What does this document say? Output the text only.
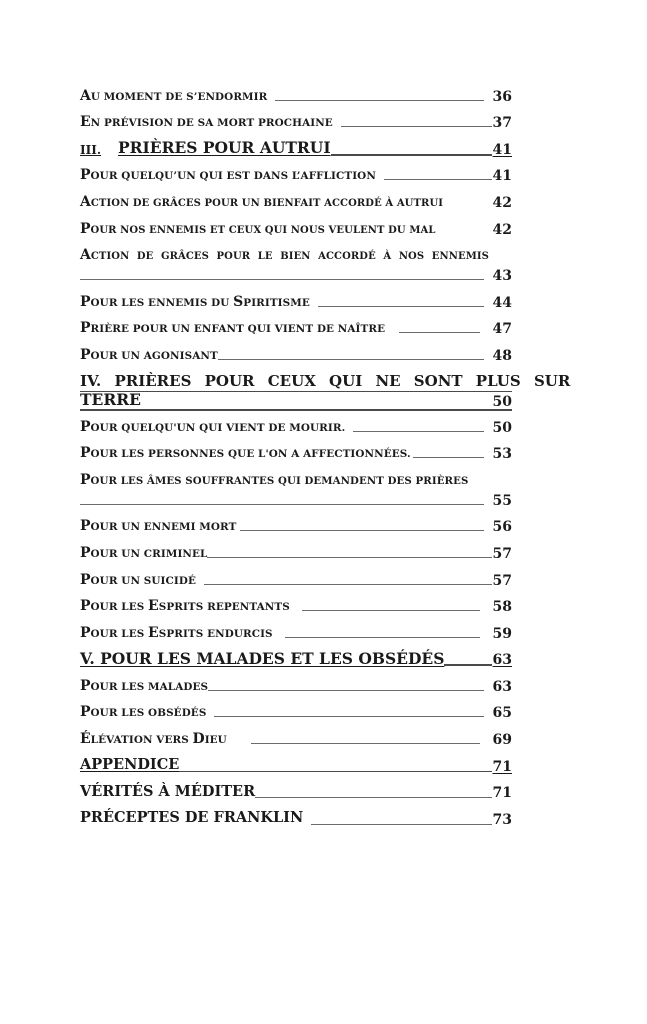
AU MOMENT DE S’ENDORMIR	36
EN PRÉVISION DE SA MORT PROCHAINE	37
III.	PRIÈRES POUR AUTRUI	41
POUR QUELQU’UN QUI EST DANS L’AFFLICTION	41
ACTION DE GRÂCES POUR UN BIENFAIT ACCORDÉ À AUTRUI	42
POUR NOS ENNEMIS ET CEUX QUI NOUS VEULENT DU MAL	42
ACTION DE GRÂCES POUR LE BIEN ACCORDÉ À NOS ENNEMIS
43
POUR LES ENNEMIS DU SPIRITISME	44
PRIÈRE POUR UN ENFANT QUI VIENT DE NAÎTRE	47
POUR UN AGONISANT	48
IV. PRIÈRES POUR CEUX QUI NE SONT PLUS SUR
TERRE	50
POUR QUELQU'UN QUI VIENT DE MOURIR.	50
POUR LES PERSONNES QUE L'ON A AFFECTIONNÉES.	53
POUR LES ÂMES SOUFFRANTES QUI DEMANDENT DES PRIÈRES
55
POUR UN ENNEMI MORT	56
POUR UN CRIMINEL	57
POUR UN SUICIDÉ	57
POUR LES ESPRITS REPENTANTS	58
POUR LES ESPRITS ENDURCIS	59
V. POUR LES MALADES ET LES OBSÉDÉS	63
POUR LES MALADES	63
POUR LES OBSÉDÉS	65
ÉLÉVATION VERS DIEU	69
APPENDICE	71
VÉRITÉS À MÉDITER	71
PRÉCEPTES DE FRANKLIN	73
